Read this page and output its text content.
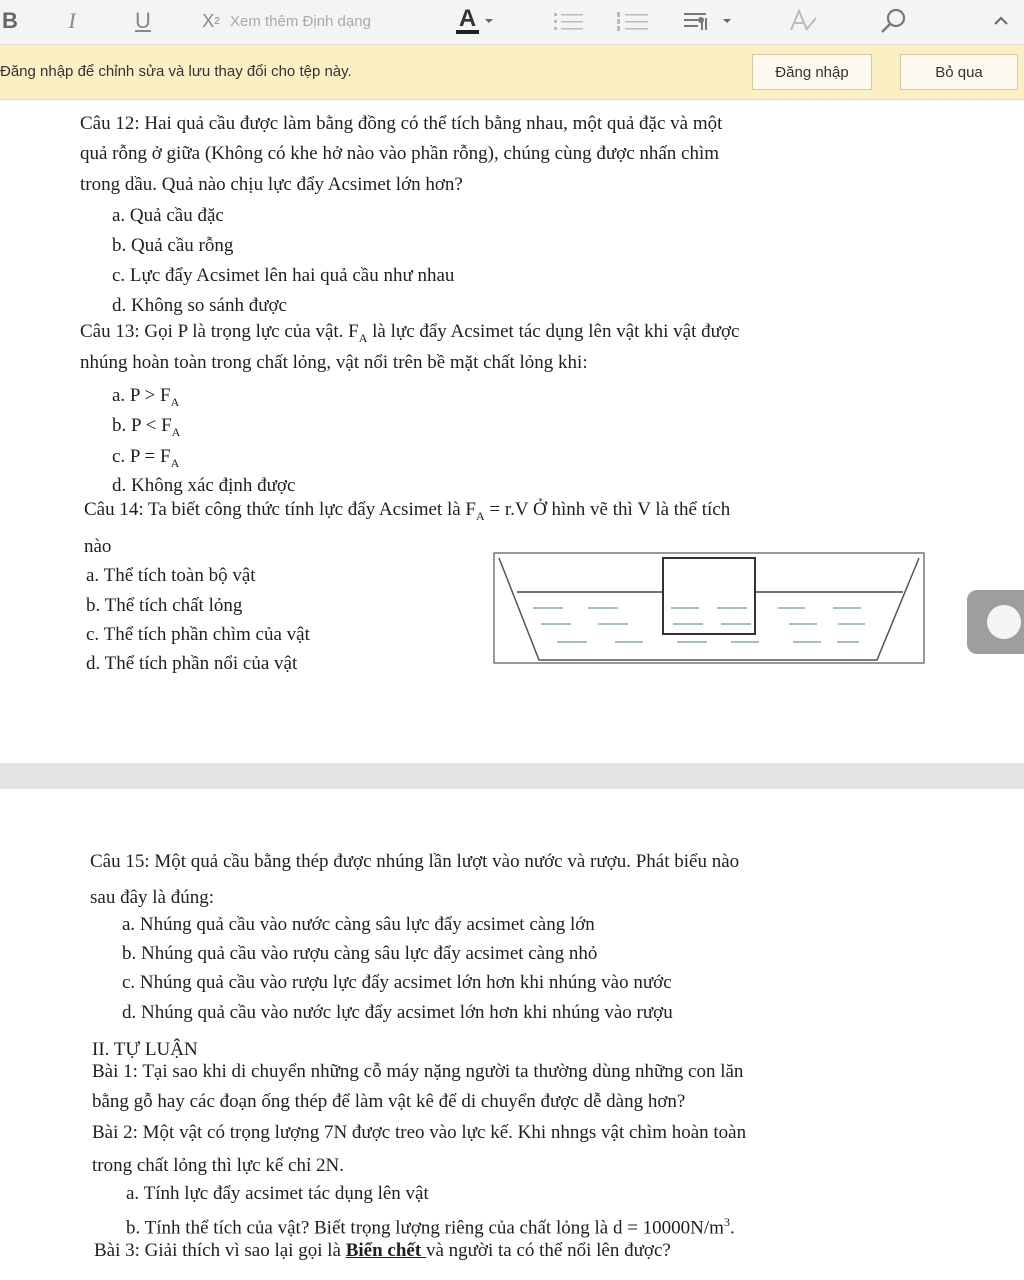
B I	U	X 2 Xem thêm Định dạng	A
Đăng nhập để chỉnh sửa và lưu thay đổi cho tệp này.	Đăng nhập	Bỏ qua
Câu 12: Hai quả cầu được làm bằng đồng có thể tích bằng nhau, một quả đặc và một
quả rỗng ở giữa (Không có khe hở nào vào phần rỗng), chúng cùng được nhấn chìm
trong dầu. Quả nào chịu lực đẩy Acsimet lớn hơn?
a. Quả cầu đặc
b. Quả cầu rỗng
c. Lực đẩy Acsimet lên hai quả cầu như nhau
d. Không so sánh được
Câu 13: Gọi P là trọng lực của vật. $F_A$ là lực đẩy Acsimet tác dụng lên vật khi vật được
nhúng hoàn toàn trong chất lỏng, vật nổi trên bề mặt chất lỏng khi:
a. $P > F_A$
b. $P < F_A$
c. $P = F_A$
d. Không xác định được
Câu 14: Ta biết công thức tính lực đẩy Acsimet là $F_A = r.V$ Ở hình vẽ thì V là thể tích
nào
a. Thể tích toàn bộ vật
b. Thể tích chất lỏng
c. Thể tích phần chìm của vật
d. Thể tích phần nổi của vật
Câu 15: Một quả cầu bằng thép được nhúng lần lượt vào nước và rượu. Phát biểu nào
sau đây là đúng:
a. Nhúng quả cầu vào nước càng sâu lực đẩy acsimet càng lớn
b. Nhúng quả cầu vào rượu càng sâu lực đẩy acsimet càng nhỏ
c. Nhúng quả cầu vào rượu lực đẩy acsimet lớn hơn khi nhúng vào nước
d. Nhúng quả cầu vào nước lực đẩy acsimet lớn hơn khi nhúng vào rượu
II. TỰ LUẬN
Bài 1: Tại sao khi di chuyển những cỗ máy nặng người ta thường dùng những con lăn
bằng gỗ hay các đoạn ống thép để làm vật kê để di chuyển được dễ dàng hơn?
Bài 2: Một vật có trọng lượng 7N được treo vào lực kế. Khi nhngs vật chìm hoàn toàn
trong chất lỏng thì lực kế chỉ 2N.
a. Tính lực đẩy acsimet tác dụng lên vật
b. Tính thể tích của vật? Biết trọng lượng riêng của chất lỏng là $d = 10000N/m^3$.
Bài 3: Giải thích vì sao lại gọi là Biển chết và người ta có thể nổi lên được?
